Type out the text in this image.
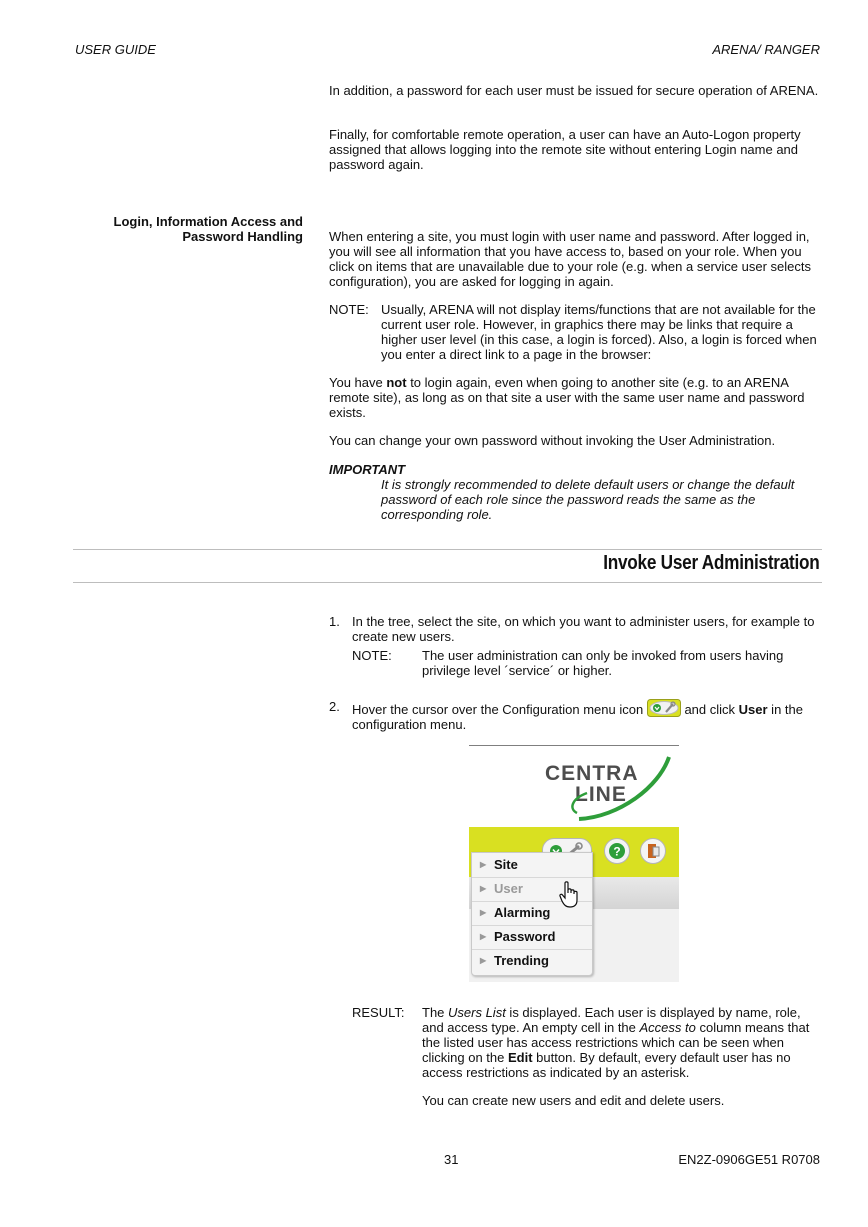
USER GUIDE	ARENA/ RANGER

In addition, a password for each user must be issued for secure operation of ARENA.

Finally, for comfortable remote operation, a user can have an Auto-Logon property assigned that allows logging into the remote site without entering Login name and password again.

Login, Information Access and
Password Handling When entering a site, you must login with user name and password. After logged in, you will see all information that you have access to, based on your role. When you click on items that are unavailable due to your role (e.g. when a service user selects configuration), you are asked for logging in again.

NOTE: Usually, ARENA will not display items/functions that are not available for the current user role. However, in graphics there may be links that require a higher user level (in this case, a login is forced). Also, a login is forced when you enter a direct link to a page in the browser:

You have not to login again, even when going to another site (e.g. to an ARENA remote site), as long as on that site a user with the same user name and password exists.

You can change your own password without invoking the User Administration.

IMPORTANT
It is strongly recommended to delete default users or change the default password of each role since the password reads the same as the corresponding role.
Invoke User Administration
1. In the tree, select the site, on which you want to administer users, for example to create new users.

NOTE: The user administration can only be invoked from users having privilege level ´service´ or higher.
2. Hover the cursor over the Configuration menu icon	and click User in the configuration menu.

CENTRA
LINE
?
▶ Site
▶ User
▶ Alarming
▶ Password
▶ Trending
RESULT: The Users List is displayed. Each user is displayed by name, role, and access type. An empty cell in the Access to column means that the listed user has access restrictions which can be seen when clicking on the Edit button. By default, every default user has no access restrictions as indicated by an asterisk.

You can create new users and edit and delete users.

31	EN2Z-0906GE51 R0708
